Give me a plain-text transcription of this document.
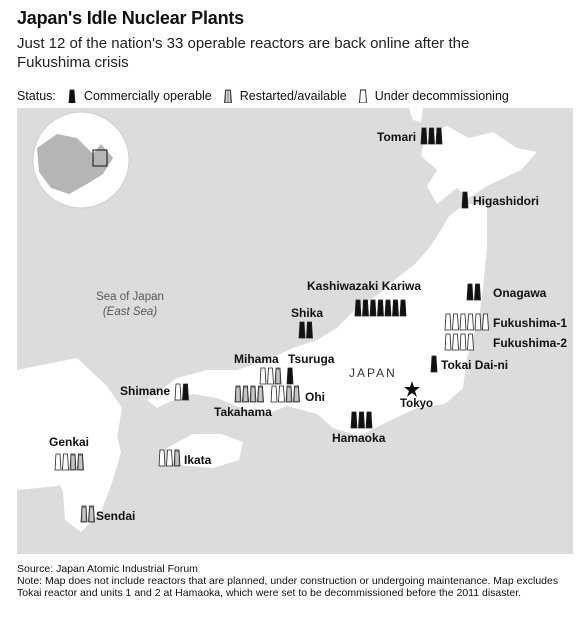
Japan's Idle Nuclear Plants
Just 12 of the nation's 33 operable reactors are back online after the Fukushima crisis
Status: Commercially operable Restarted/available Under decommissioning
Sea of Japan
(East Sea)
JAPAN
Tokyo
Tomari
Higashidori
Kashiwazaki Kariwa	Onagawa
Fukushima-1
Fukushima-2
Tokai Dai-ni
Shika
Mihama Tsuruga
Ohi
Takahama
Shimane
Hamaoka
Genkai
Ikata
Sendai
Source: Japan Atomic Industrial Forum
Note: Map does not include reactors that are planned, under construction or undergoing maintenance. Map excludes Tokai reactor and units 1 and 2 at Hamaoka, which were set to be decommissioned before the 2011 disaster.
